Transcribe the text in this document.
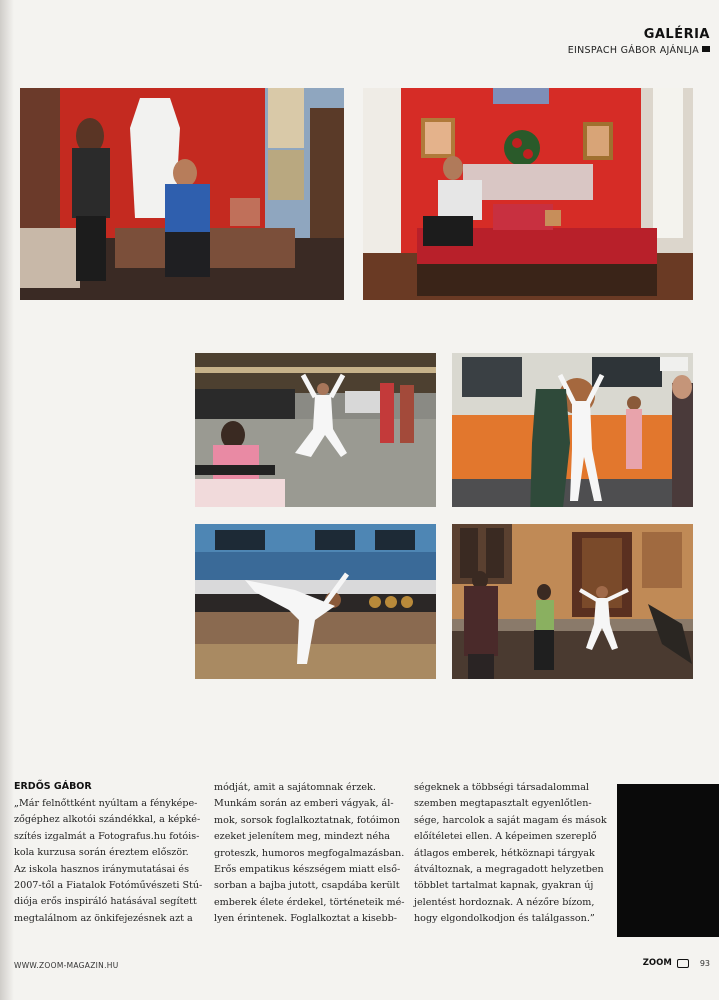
GALÉRIA
EINSPACH GÁBOR AJÁNLJA
ERDŐS GÁBOR
„Már felnőttként nyúltam a fényképe-
zőgéphez alkotói szándékkal, a képké-
szítés izgalmát a Fotografus.hu fotóis-
kola kurzusa során éreztem először.
Az iskola hasznos iránymutatásai és
2007-től a Fiatalok Fotóművészeti Stú-
diója erős inspiráló hatásával segített
megtalálnom az önkifejezésnek azt a
módját, amit a sajátomnak érzek.
Munkám során az emberi vágyak, ál-
mok, sorsok foglalkoztatnak, fotóimon
ezeket jelenítem meg, mindezt néha
groteszk, humoros megfogalmazásban.
Erős empatikus készségem miatt első-
sorban a bajba jutott, csapdába került
emberek élete érdekel, történeteik mé-
lyen érintenek. Foglalkoztat a kisebb-
ségeknek a többségi társadalommal
szemben megtapasztalt egyenlőtlen-
sége, harcolok a saját magam és mások
előítéletei ellen. A képeimen szereplő
átlagos emberek, hétköznapi tárgyak
átváltoznak, a megragadott helyzetben
többlet tartalmat kapnak, gyakran új
jelentést hordoznak. A nézőre bízom,
hogy elgondolkodjon és találgasson.”
WWW.ZOOM-MAGAZIN.HU	ZOOM	93
